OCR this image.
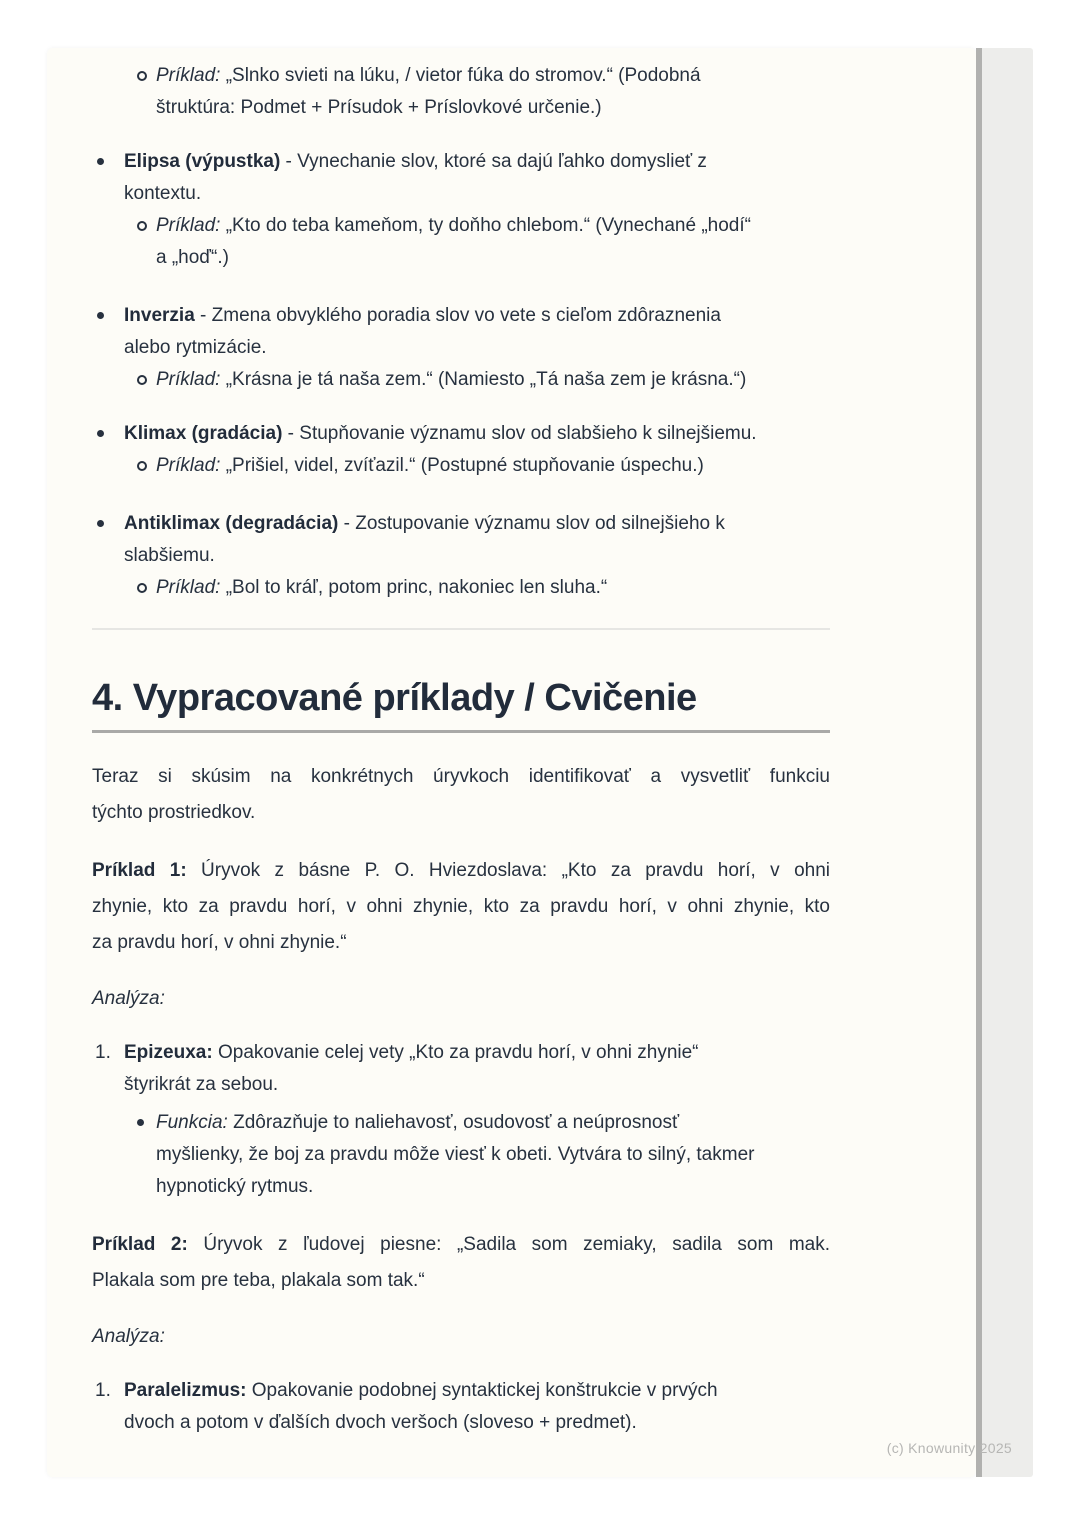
Príklad: „Slnko svieti na lúku, / vietor fúka do stromov.“ (Podobná
štruktúra: Podmet + Prísudok + Príslovkové určenie.)
Elipsa (výpustka) - Vynechanie slov, ktoré sa dajú ľahko domyslieť z
kontextu.
Príklad: „Kto do teba kameňom, ty doňho chlebom.“ (Vynechané „hodí“
a „hoď“.)
Inverzia - Zmena obvyklého poradia slov vo vete s cieľom zdôraznenia
alebo rytmizácie.
Príklad: „Krásna je tá naša zem.“ (Namiesto „Tá naša zem je krásna.“)
Klimax (gradácia) - Stupňovanie významu slov od slabšieho k silnejšiemu.
Príklad: „Prišiel, videl, zvíťazil.“ (Postupné stupňovanie úspechu.)
Antiklimax (degradácia) - Zostupovanie významu slov od silnejšieho k
slabšiemu.
Príklad: „Bol to kráľ, potom princ, nakoniec len sluha.“
4. Vypracované príklady / Cvičenie
Teraz si skúsim na konkrétnych úryvkoch identifikovať a vysvetliť funkciu
týchto prostriedkov.
Príklad 1: Úryvok z básne P. O. Hviezdoslava: „Kto za pravdu horí, v ohni
zhynie, kto za pravdu horí, v ohni zhynie, kto za pravdu horí, v ohni zhynie, kto
za pravdu horí, v ohni zhynie.“
Analýza:
1. Epizeuxa: Opakovanie celej vety „Kto za pravdu horí, v ohni zhynie“
štyrikrát za sebou.
Funkcia: Zdôrazňuje to naliehavosť, osudovosť a neúprosnosť
myšlienky, že boj za pravdu môže viesť k obeti. Vytvára to silný, takmer
hypnotický rytmus.
Príklad 2: Úryvok z ľudovej piesne: „Sadila som zemiaky, sadila som mak.
Plakala som pre teba, plakala som tak.“
Analýza:
1. Paralelizmus: Opakovanie podobnej syntaktickej konštrukcie v prvých
dvoch a potom v ďalších dvoch veršoch (sloveso + predmet).
(c) Knowunity 2025
